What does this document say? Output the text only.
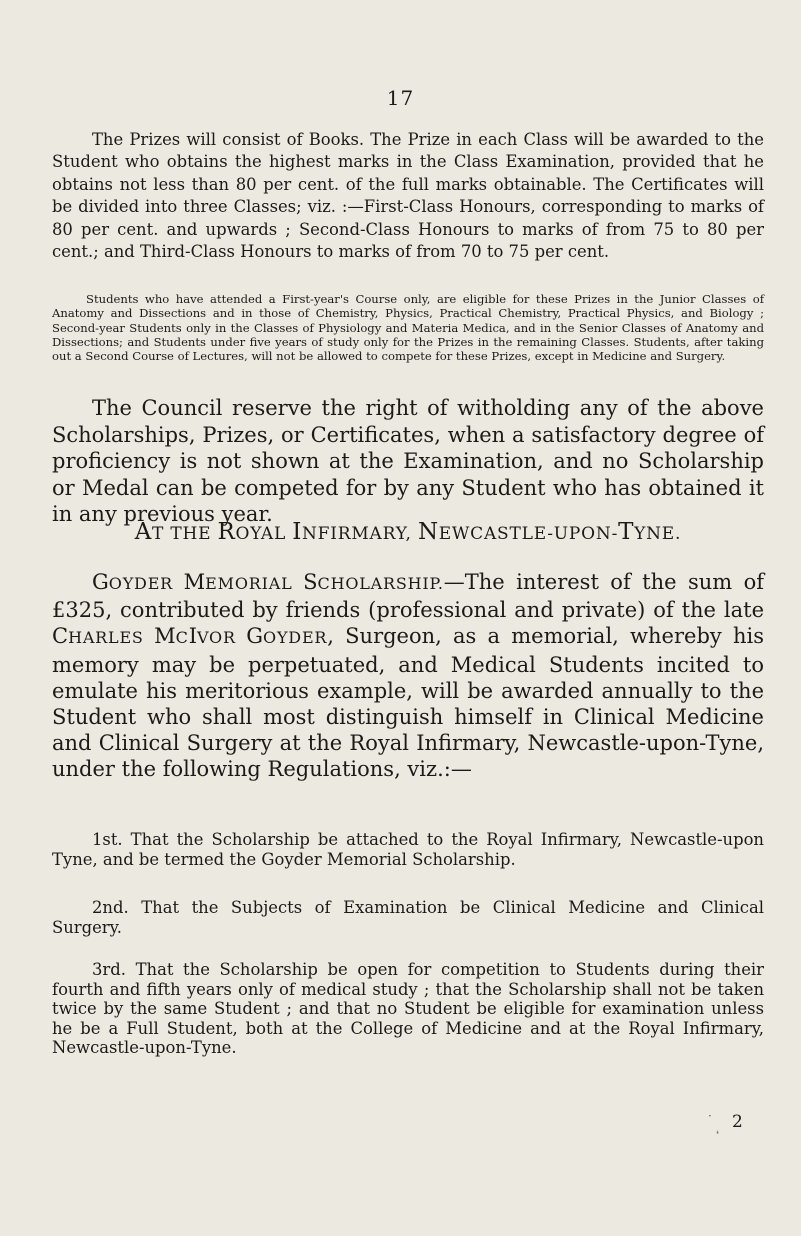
17
The Prizes will consist of Books. The Prize in each Class will be awarded to the Student who obtains the highest marks in the Class Examination, provided that he obtains not less than 80 per cent. of the full marks obtainable. The Certificates will be divided into three Classes; viz. :—First-Class Honours, corresponding to marks of 80 per cent. and upwards ; Second-Class Honours to marks of from 75 to 80 per cent.; and Third-Class Honours to marks of from 70 to 75 per cent.
Students who have attended a First-year's Course only, are eligible for these Prizes in the Junior Classes of Anatomy and Dissections and in those of Chemistry, Physics, Practical Chemistry, Practical Physics, and Biology ; Second-year Students only in the Classes of Physiology and Materia Medica, and in the Senior Classes of Anatomy and Dissections; and Students under five years of study only for the Prizes in the remaining Classes. Students, after taking out a Second Course of Lectures, will not be allowed to compete for these Prizes, except in Medicine and Surgery.
The Council reserve the right of witholding any of the above Scholarships, Prizes, or Certificates, when a satisfactory degree of proficiency is not shown at the Examination, and no Scholarship or Medal can be competed for by any Student who has obtained it in any previous year.
AT THE ROYAL INFIRMARY, NEWCASTLE-UPON-TYNE.
GOYDER MEMORIAL SCHOLARSHIP.—The interest of the sum of £325, contributed by friends (professional and private) of the late CHARLES MCIVOR GOYDER, Surgeon, as a memorial, whereby his memory may be perpetuated, and Medical Students incited to emulate his meritorious example, will be awarded annually to the Student who shall most distinguish himself in Clinical Medicine and Clinical Surgery at the Royal Infirmary, Newcastle-upon-Tyne, under the following Regulations, viz.:—
1st. That the Scholarship be attached to the Royal Infirmary, Newcastle-upon Tyne, and be termed the Goyder Memorial Scholarship.
2nd. That the Subjects of Examination be Clinical Medicine and Clinical Surgery.
3rd. That the Scholarship be open for competition to Students during their fourth and fifth years only of medical study ; that the Scholarship shall not be taken twice by the same Student ; and that no Student be eligible for examination unless he be a Full Student, both at the College of Medicine and at the Royal Infirmary, Newcastle-upon-Tyne.
· 2
❛
